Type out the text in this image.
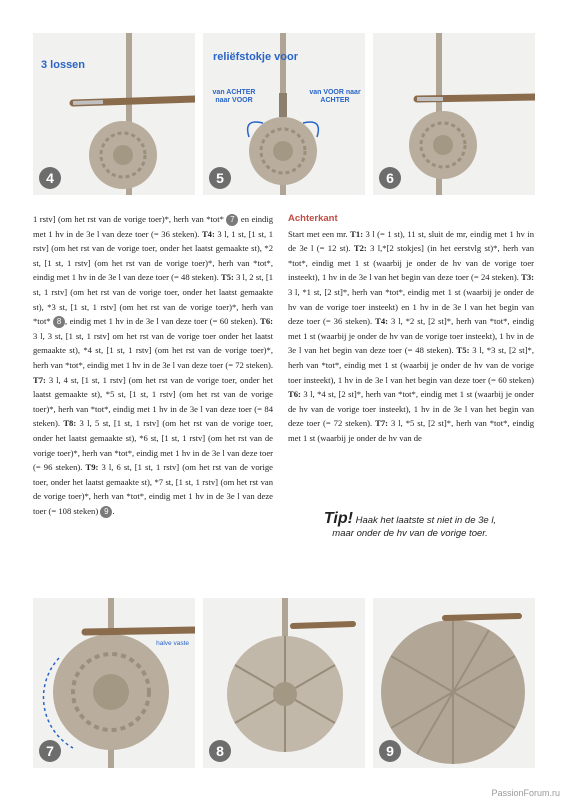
3 lossen
4
reliëfstokje voor
van ACHTER naar VOOR
van VOOR naar ACHTER
5	6

1 rstv] (om het rst van de vorige toer)*, herh van *tot* 7 en eindig met 1 hv in de 3e l van deze toer (= 36 steken). T4: 3 l, 1 st, [1 st, 1 rstv] (om het rst van de vorige toer, onder het laatst gemaakte st), *2 st, [1 st, 1 rstv] (om het rst van de vorige toer)*, herh van *tot*, eindig met 1 hv in de 3e l van deze toer (= 48 steken). T5: 3 l, 2 st, [1 st, 1 rstv] (om het rst van de vorige toer, onder het laatst gemaakte st), *3 st, [1 st, 1 rstv] (om het rst van de vorige toer)*, herh van *tot* 8 , eindig met 1 hv in de 3e l van deze toer (= 60 steken). T6: 3 l, 3 st, [1 st, 1 rstv] om het rst van de vorige toer onder het laatst gemaakte st), *4 st, [1 st, 1 rstv] (om het rst van de vorige toer)*, herh van *tot*, eindig met 1 hv in de 3e l van deze toer (= 72 steken). T7: 3 l, 4 st, [1 st, 1 rstv] (om het rst van de vorige toer, onder het laatst gemaakte st), *5 st, [1 st, 1 rstv] (om het rst van de vorige toer)*, herh van *tot*, eindig met 1 hv in de 3e l van deze toer (= 84 steken). T8: 3 l, 5 st, [1 st, 1 rstv] (om het rst van de vorige toer, onder het laatst gemaakte st), *6 st, [1 st, 1 rstv] (om het rst van de vorige toer)*, herh van *tot*, eindig met 1 hv in de 3e l van deze toer (= 96 steken). T9: 3 l, 6 st, [1 st, 1 rstv] (om het rst van de vorige toer, onder het laatst gemaakte st), *7 st, [1 st, 1 rstv] (om het rst van de vorige toer)*, herh van *tot*, eindig met 1 hv in de 3e l van deze toer (= 108 steken) 9 .

Achterkant

Start met een mr. T1: 3 l (= 1 st), 11 st, sluit de mr, eindig met 1 hv in de 3e l (= 12 st). T2: 3 l,*[2 stokjes] (in het eerstvlg st)*, herh van *tot*, eindig met 1 st (waarbij je onder de hv van de vorige toer insteekt), 1 hv in de 3e l van het begin van deze toer (= 24 steken). T3: 3 l, *1 st, [2 st]*, herh van *tot*, eindig met 1 st (waarbij je onder de hv van de vorige toer insteekt) en 1 hv in de 3e l van het begin van deze toer (= 36 steken). T4: 3 l, *2 st, [2 st]*, herh van *tot*, eindig met 1 st (waarbij je onder de hv van de vorige toer insteekt), 1 hv in de 3e l van het begin van deze toer (= 48 steken). T5: 3 l, *3 st, [2 st]*, herh van *tot*, eindig met 1 st (waarbij je onder de hv van de vorige toer insteekt), 1 hv in de 3e l van het begin van deze toer (= 60 steken) T6: 3 l, *4 st, [2 st]*, herh van *tot*, eindig met 1 st (waarbij je onder de hv van de vorige toer insteekt), 1 hv in de 3e l van het begin van deze toer (= 72 steken). T7: 3 l, *5 st, [2 st]*, herh van *tot*, eindig met 1 st (waarbij je onder de hv van de

Tip! Haak het laatste st niet in de 3e l, maar onder de hv van de vorige toer.
halve vaste
7	8	9
PassionForum.ru
